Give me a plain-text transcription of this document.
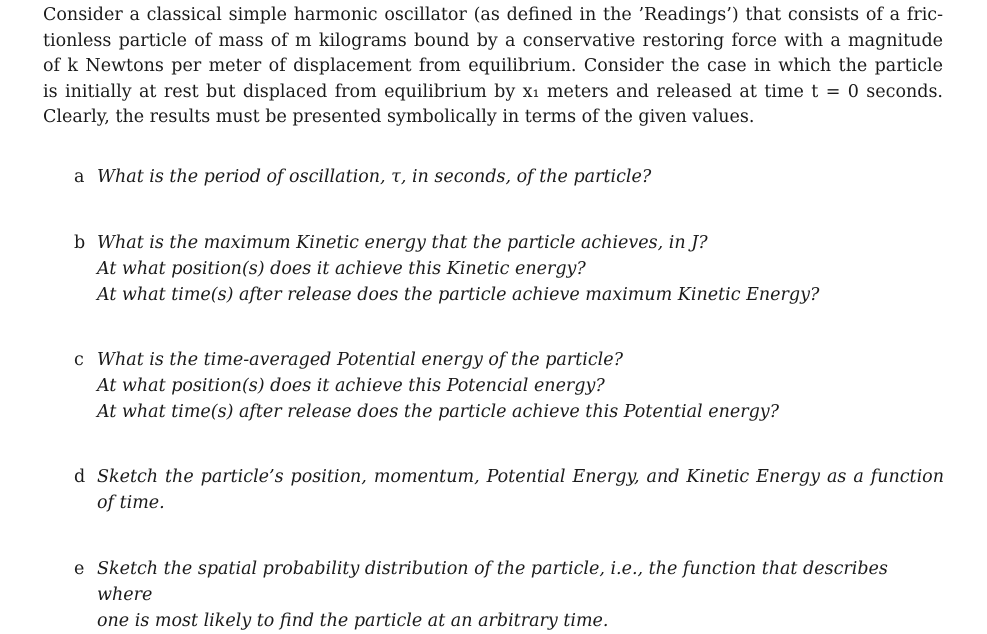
Consider a classical simple harmonic oscillator (as defined in the ’Readings’) that consists of a fric-
tionless particle of mass of m kilograms bound by a conservative restoring force with a magnitude
of k Newtons per meter of displacement from equilibrium. Consider the case in which the particle
is initially at rest but displaced from equilibrium by x₁ meters and released at time t = 0 seconds.
Clearly, the results must be presented symbolically in terms of the given values.
a What is the period of oscillation, τ, in seconds, of the particle?
b What is the maximum Kinetic energy that the particle achieves, in J?
At what position(s) does it achieve this Kinetic energy?
At what time(s) after release does the particle achieve maximum Kinetic Energy?
c What is the time-averaged Potential energy of the particle?
At what position(s) does it achieve this Potencial energy?
At what time(s) after release does the particle achieve this Potential energy?
d Sketch the particle’s position, momentum, Potential Energy, and Kinetic Energy as a function
of time.
e Sketch the spatial probability distribution of the particle, i.e., the function that describes where
one is most likely to find the particle at an arbitrary time.
